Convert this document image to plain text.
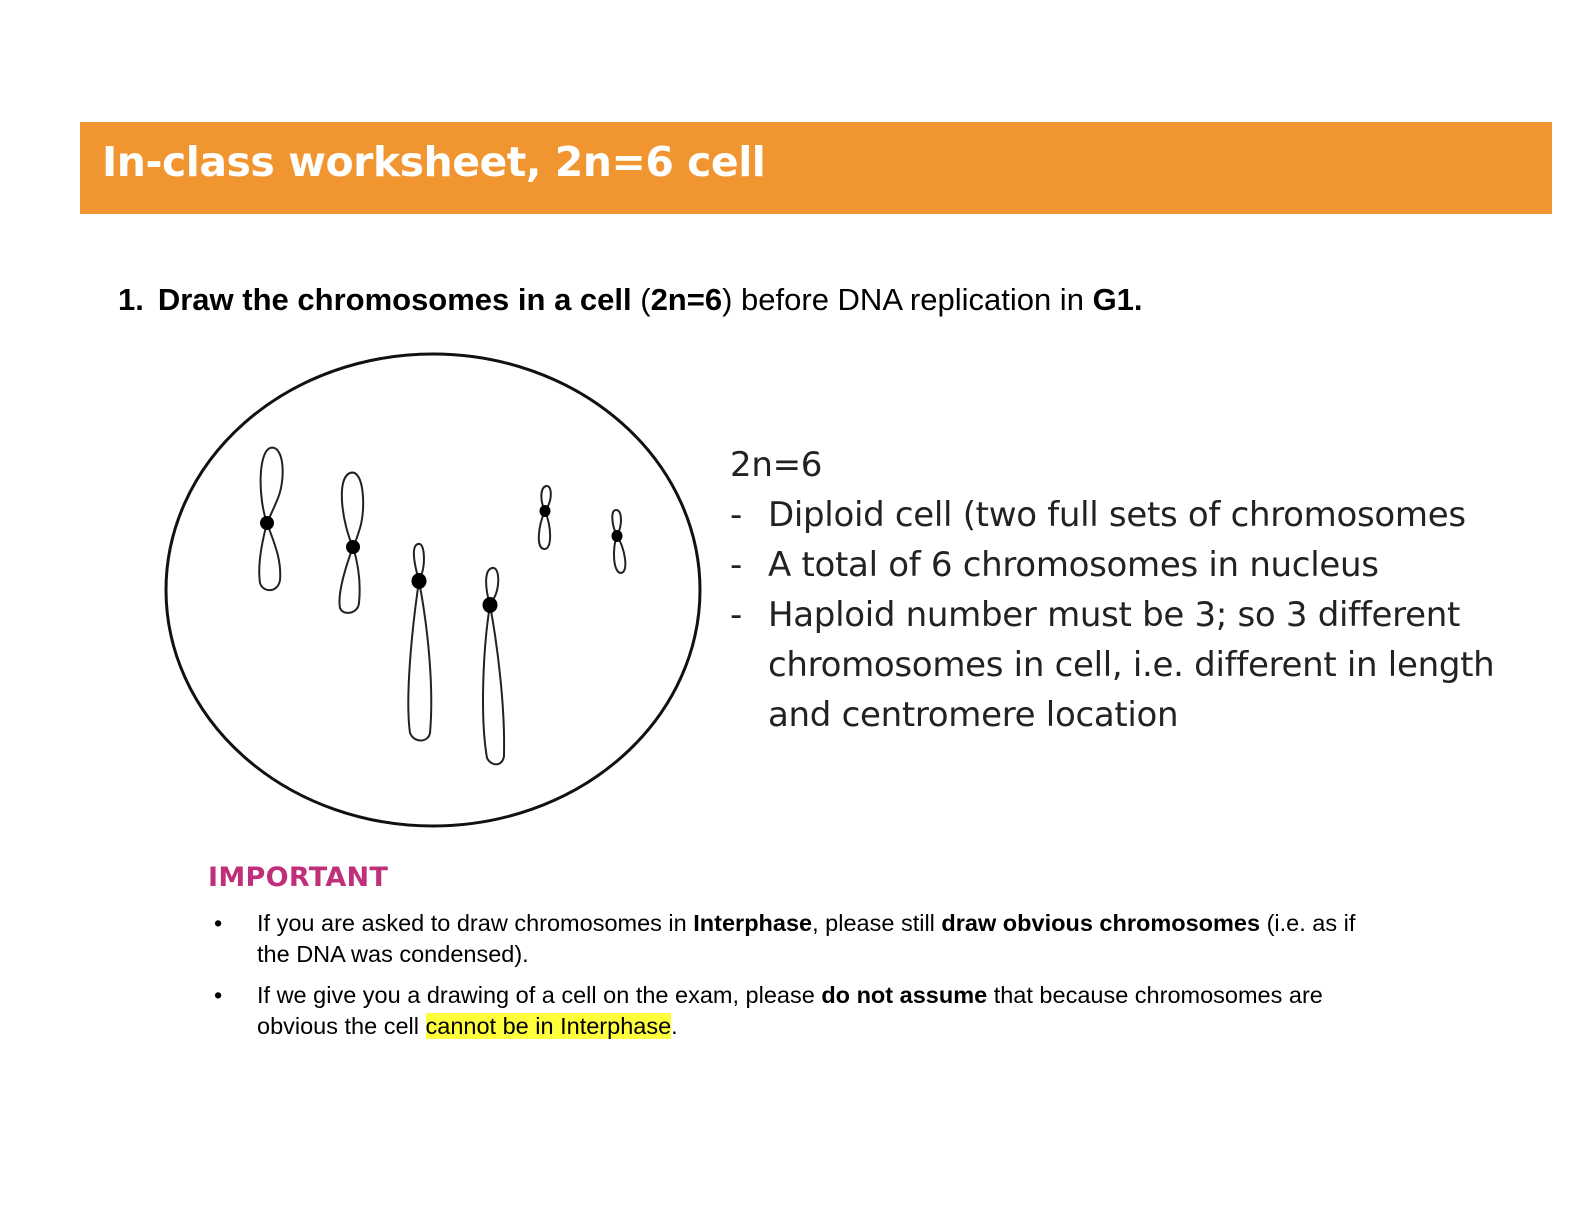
In-class worksheet, 2n=6 cell
1. Draw the chromosomes in a cell (2n=6) before DNA replication in G1.
2n=6
- Diploid cell (two full sets of chromosomes
- A total of 6 chromosomes in nucleus
- Haploid number must be 3; so 3 different chromosomes in cell, i.e. different in length and centromere location
IMPORTANT
• If you are asked to draw chromosomes in Interphase, please still draw obvious chromosomes (i.e. as if the DNA was condensed).
• If we give you a drawing of a cell on the exam, please do not assume that because chromosomes are obvious the cell cannot be in Interphase.
